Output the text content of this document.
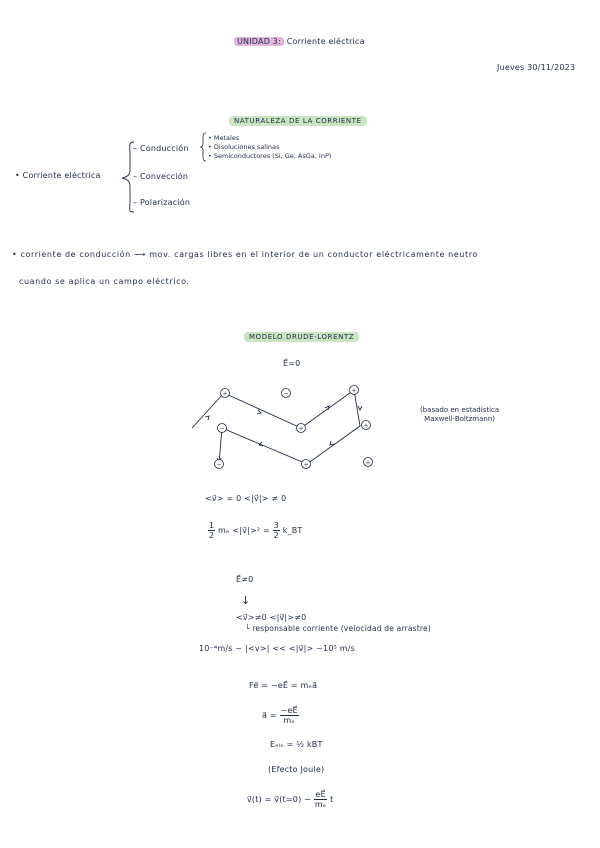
UNIDAD 3: Corriente eléctrica
Jueves 30/11/2023
NATURALEZA DE LA CORRIENTE
• Corriente eléctrica
– Conducción
– Convección
– Polarización
• Metales
• Disoluciones salinas
• Semiconductores (Si, Ge, AsGa, InP)
• corriente de conducción ⟶ mov. cargas libres en el interior de un conductor eléctricamente neutro
cuando se aplica un campo eléctrico.
MODELO DRUDE-LORENTZ
E⃗=0
+
+
+
+
+	+
−
−
−
(basado en estadística
Maxwell-Boltzmann)
<v⃗> = 0 <|v⃗|> ≠ 0
$\frac{1}{2}$ mₑ <|v⃗|>² = $\frac{3}{2}$ k_BT
E⃗≠0
↓
<v⃗>≠0 <|v⃗|>≠0
└ responsable corriente (velocidad de arrastre)
10⁻⁴m/s ~ |<v>| << <|v⃗|> ~10⁵ m/s
Fe⃗ = −eE⃗ = mₑa⃗
a⃗ = $\frac{-eE⃗}{\text{mₑ}}$
Eₑₗₑ = ½ kBT
(Efecto Joule)
v⃗(t) = v⃗(t=0) − $\frac{eE⃗}{\text{mₑ}}$ t
